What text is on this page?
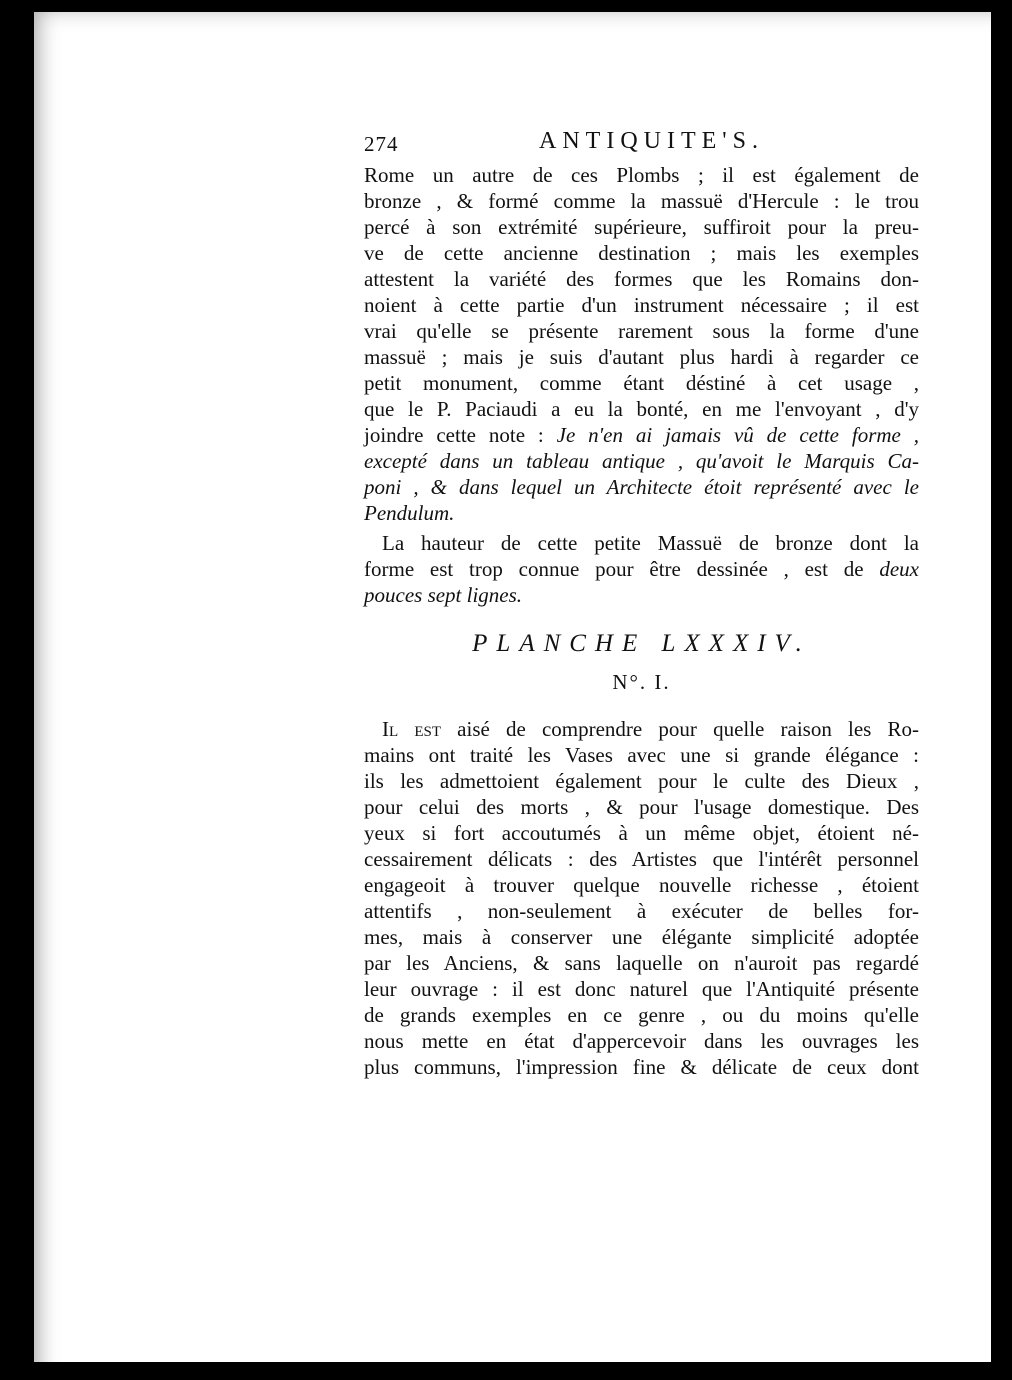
274	ANTIQUITE'S.
Rome un autre de ces Plombs ; il est également de
bronze , & formé comme la massuë d'Hercule : le trou
percé à son extrémité supérieure, suffiroit pour la preu-
ve de cette ancienne destination ; mais les exemples
attestent la variété des formes que les Romains don-
noient à cette partie d'un instrument nécessaire ; il est
vrai qu'elle se présente rarement sous la forme d'une
massuë ; mais je suis d'autant plus hardi à regarder ce
petit monument, comme étant déstiné à cet usage ,
que le P. Paciaudi a eu la bonté, en me l'envoyant , d'y
joindre cette note : Je n'en ai jamais vû de cette forme ,
excepté dans un tableau antique , qu'avoit le Marquis Ca-
poni , & dans lequel un Architecte étoit représenté avec le
Pendulum.
La hauteur de cette petite Massuë de bronze dont la
forme est trop connue pour être dessinée , est de deux
pouces sept lignes.
PLANCHE LXXXIV.
N°. I.
Il est aisé de comprendre pour quelle raison les Ro-
mains ont traité les Vases avec une si grande élégance :
ils les admettoient également pour le culte des Dieux ,
pour celui des morts , & pour l'usage domestique. Des
yeux si fort accoutumés à un même objet, étoient né-
cessairement délicats : des Artistes que l'intérêt personnel
engageoit à trouver quelque nouvelle richesse , étoient
attentifs , non-seulement à exécuter de belles for-
mes, mais à conserver une élégante simplicité adoptée
par les Anciens, & sans laquelle on n'auroit pas regardé
leur ouvrage : il est donc naturel que l'Antiquité présente
de grands exemples en ce genre , ou du moins qu'elle
nous mette en état d'appercevoir dans les ouvrages les
plus communs, l'impression fine & délicate de ceux dont
